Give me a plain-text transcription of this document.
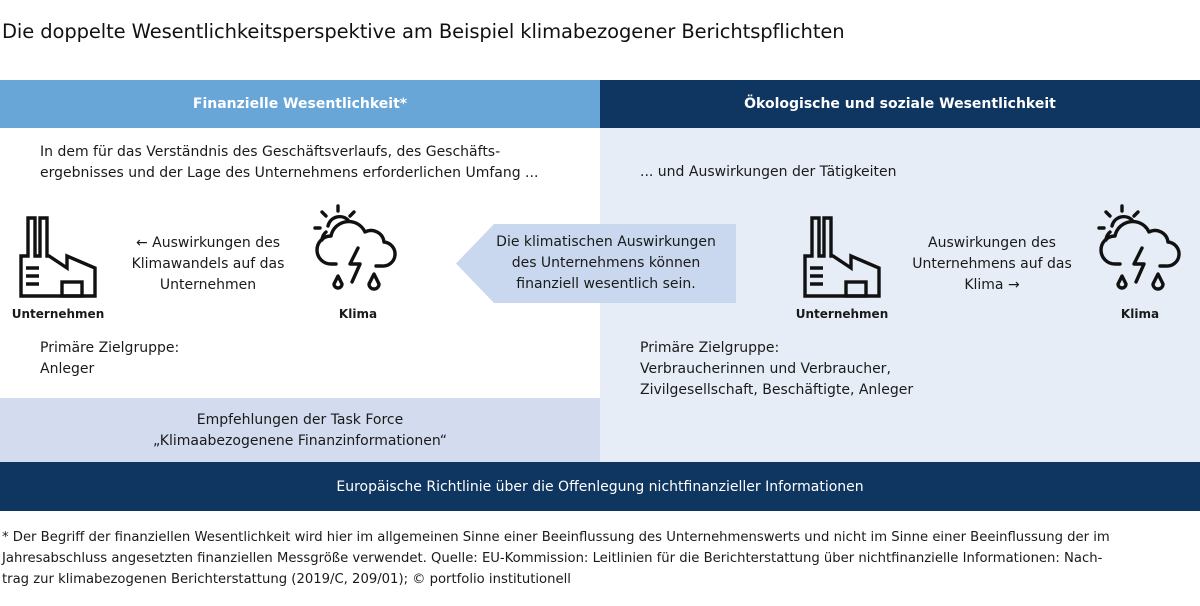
Die doppelte Wesentlichkeitsperspektive am Beispiel klimabezogener Berichtspflichten
Finanzielle Wesentlichkeit*	Ökologische und soziale Wesentlichkeit
In dem für das Verständnis des Geschäftsverlaufs, des Geschäfts-
ergebnisses und der Lage des Unternehmens erforderlichen Umfang ...	... und Auswirkungen der Tätigkeiten
Unternehmen
← Auswirkungen des
Klimawandels auf das
Unternehmen
Klima
Die klimatischen Auswirkungen
des Unternehmens können
finanziell wesentlich sein.
Unternehmen
Auswirkungen des
Unternehmens auf das
Klima →
Klima
Primäre Zielgruppe:
Anleger
Primäre Zielgruppe:
Verbraucherinnen und Verbraucher,
Zivilgesellschaft, Beschäftigte, Anleger
Empfehlungen der Task Force
„Klimaabezogenene Finanzinformationen“
Europäische Richtlinie über die Offenlegung nichtfinanzieller Informationen
* Der Begriff der finanziellen Wesentlichkeit wird hier im allgemeinen Sinne einer Beeinflussung des Unternehmenswerts und nicht im Sinne einer Beeinflussung der im
Jahresabschluss angesetzten finanziellen Messgröße verwendet. Quelle: EU-Kommission: Leitlinien für die Berichterstattung über nichtfinanzielle Informationen: Nach-
trag zur klimabezogenen Berichterstattung (2019/C, 209/01); © portfolio institutionell
